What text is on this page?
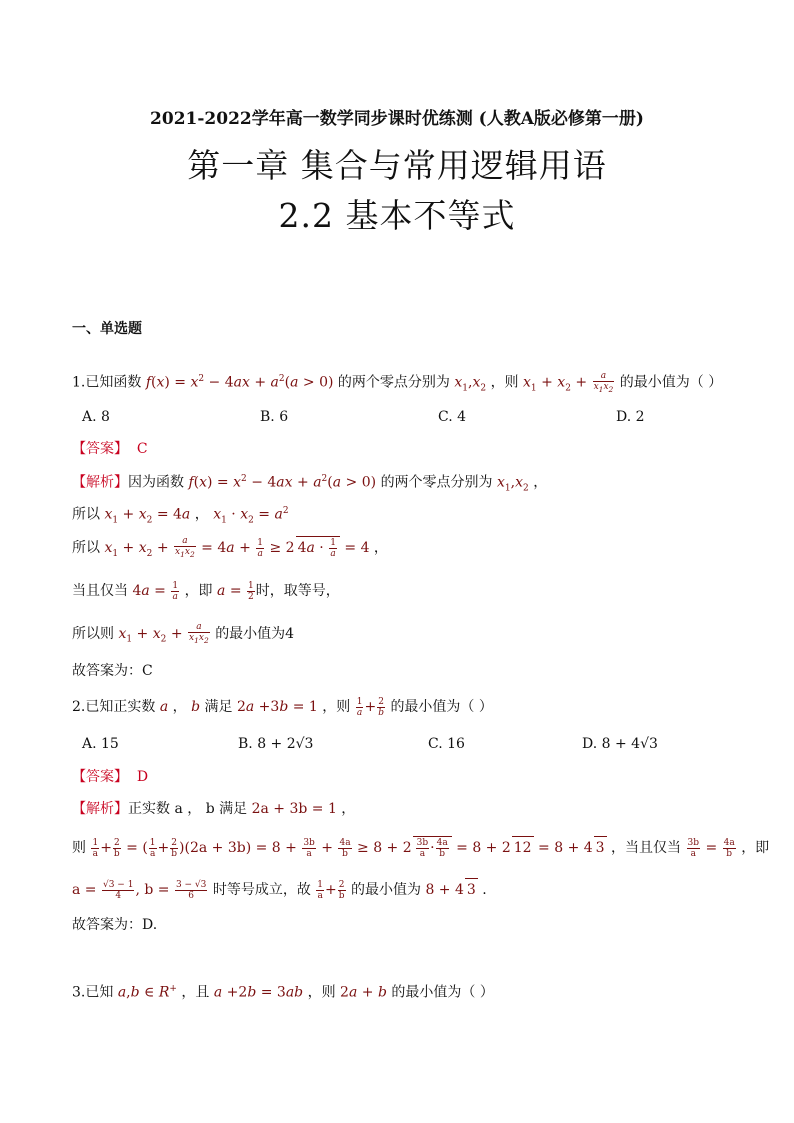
2021-2022学年高一数学同步课时优练测 (人教A版必修第一册)
第一章 集合与常用逻辑用语
2.2 基本不等式
一、单选题
1.已知函数 $f(x) = x^2 - 4ax + a^2(a > 0)$ 的两个零点分别为 $x_1,x_2$ ，则 $x_1 + x_2 + \frac{a}{x_1x_2}$ 的最小值为（ ）
A. 8	B. 6	C. 4	D. 2
【答案】 C
【解析】因为函数 $f(x) = x^2 - 4ax + a^2(a > 0)$ 的两个零点分别为 $x_1,x_2$ ，
所以 $x_1 + x_2 = 4a$ ， $x_1 \cdot x_2 = a^2$
所以 $x_1 + x_2 + \frac{a}{x_1x_2} = 4a + \frac{1}{a} \ge 2$ $4a \cdot \frac{1}{a} = 4$ ，
当且仅当 $4a = \frac{1}{a}$ ，即 $a = \frac{1}{2}$ 时，取等号，
所以则 $x_1 + x_2 + \frac{a}{x_1x_2}$ 的最小值为4
故答案为：C
2.已知正实数 a ， b 满足 2a +3b = 1 ，则 $\frac{1}{a} + \frac{2}{b}$ 的最小值为（ ）
A. 15	B. 8 + 2√3	C. 16	D. 8 + 4√3
【答案】 D
【解析】正实数 a ， b 满足 2a + 3b = 1 ，
则 $\frac{1}{a} + \frac{2}{b}$ = ( $\frac{1}{a} + \frac{2}{b} )(2a + 3b) = 8 + \frac{3b}{a} + \frac{4a}{b} \ge 8 + 2 \frac{3b}{a} \cdot \frac{4a}{b} = 8 + 2$ 12 = 8 + 4 3 ，当且仅当 $\frac{3b}{a} = \frac{4a}{b}$ ，即
$a = \frac{√3 - 1}{4}$ , $b = \frac{3 - √3}{6}$ 时等号成立，故 $\frac{1}{a} + \frac{2}{b}$ 的最小值为 8 + 4 3 .
故答案为：D.
3.已知 a,b ∈ R+ ，且 a +2b = 3ab ，则 2a + b 的最小值为（ ）
